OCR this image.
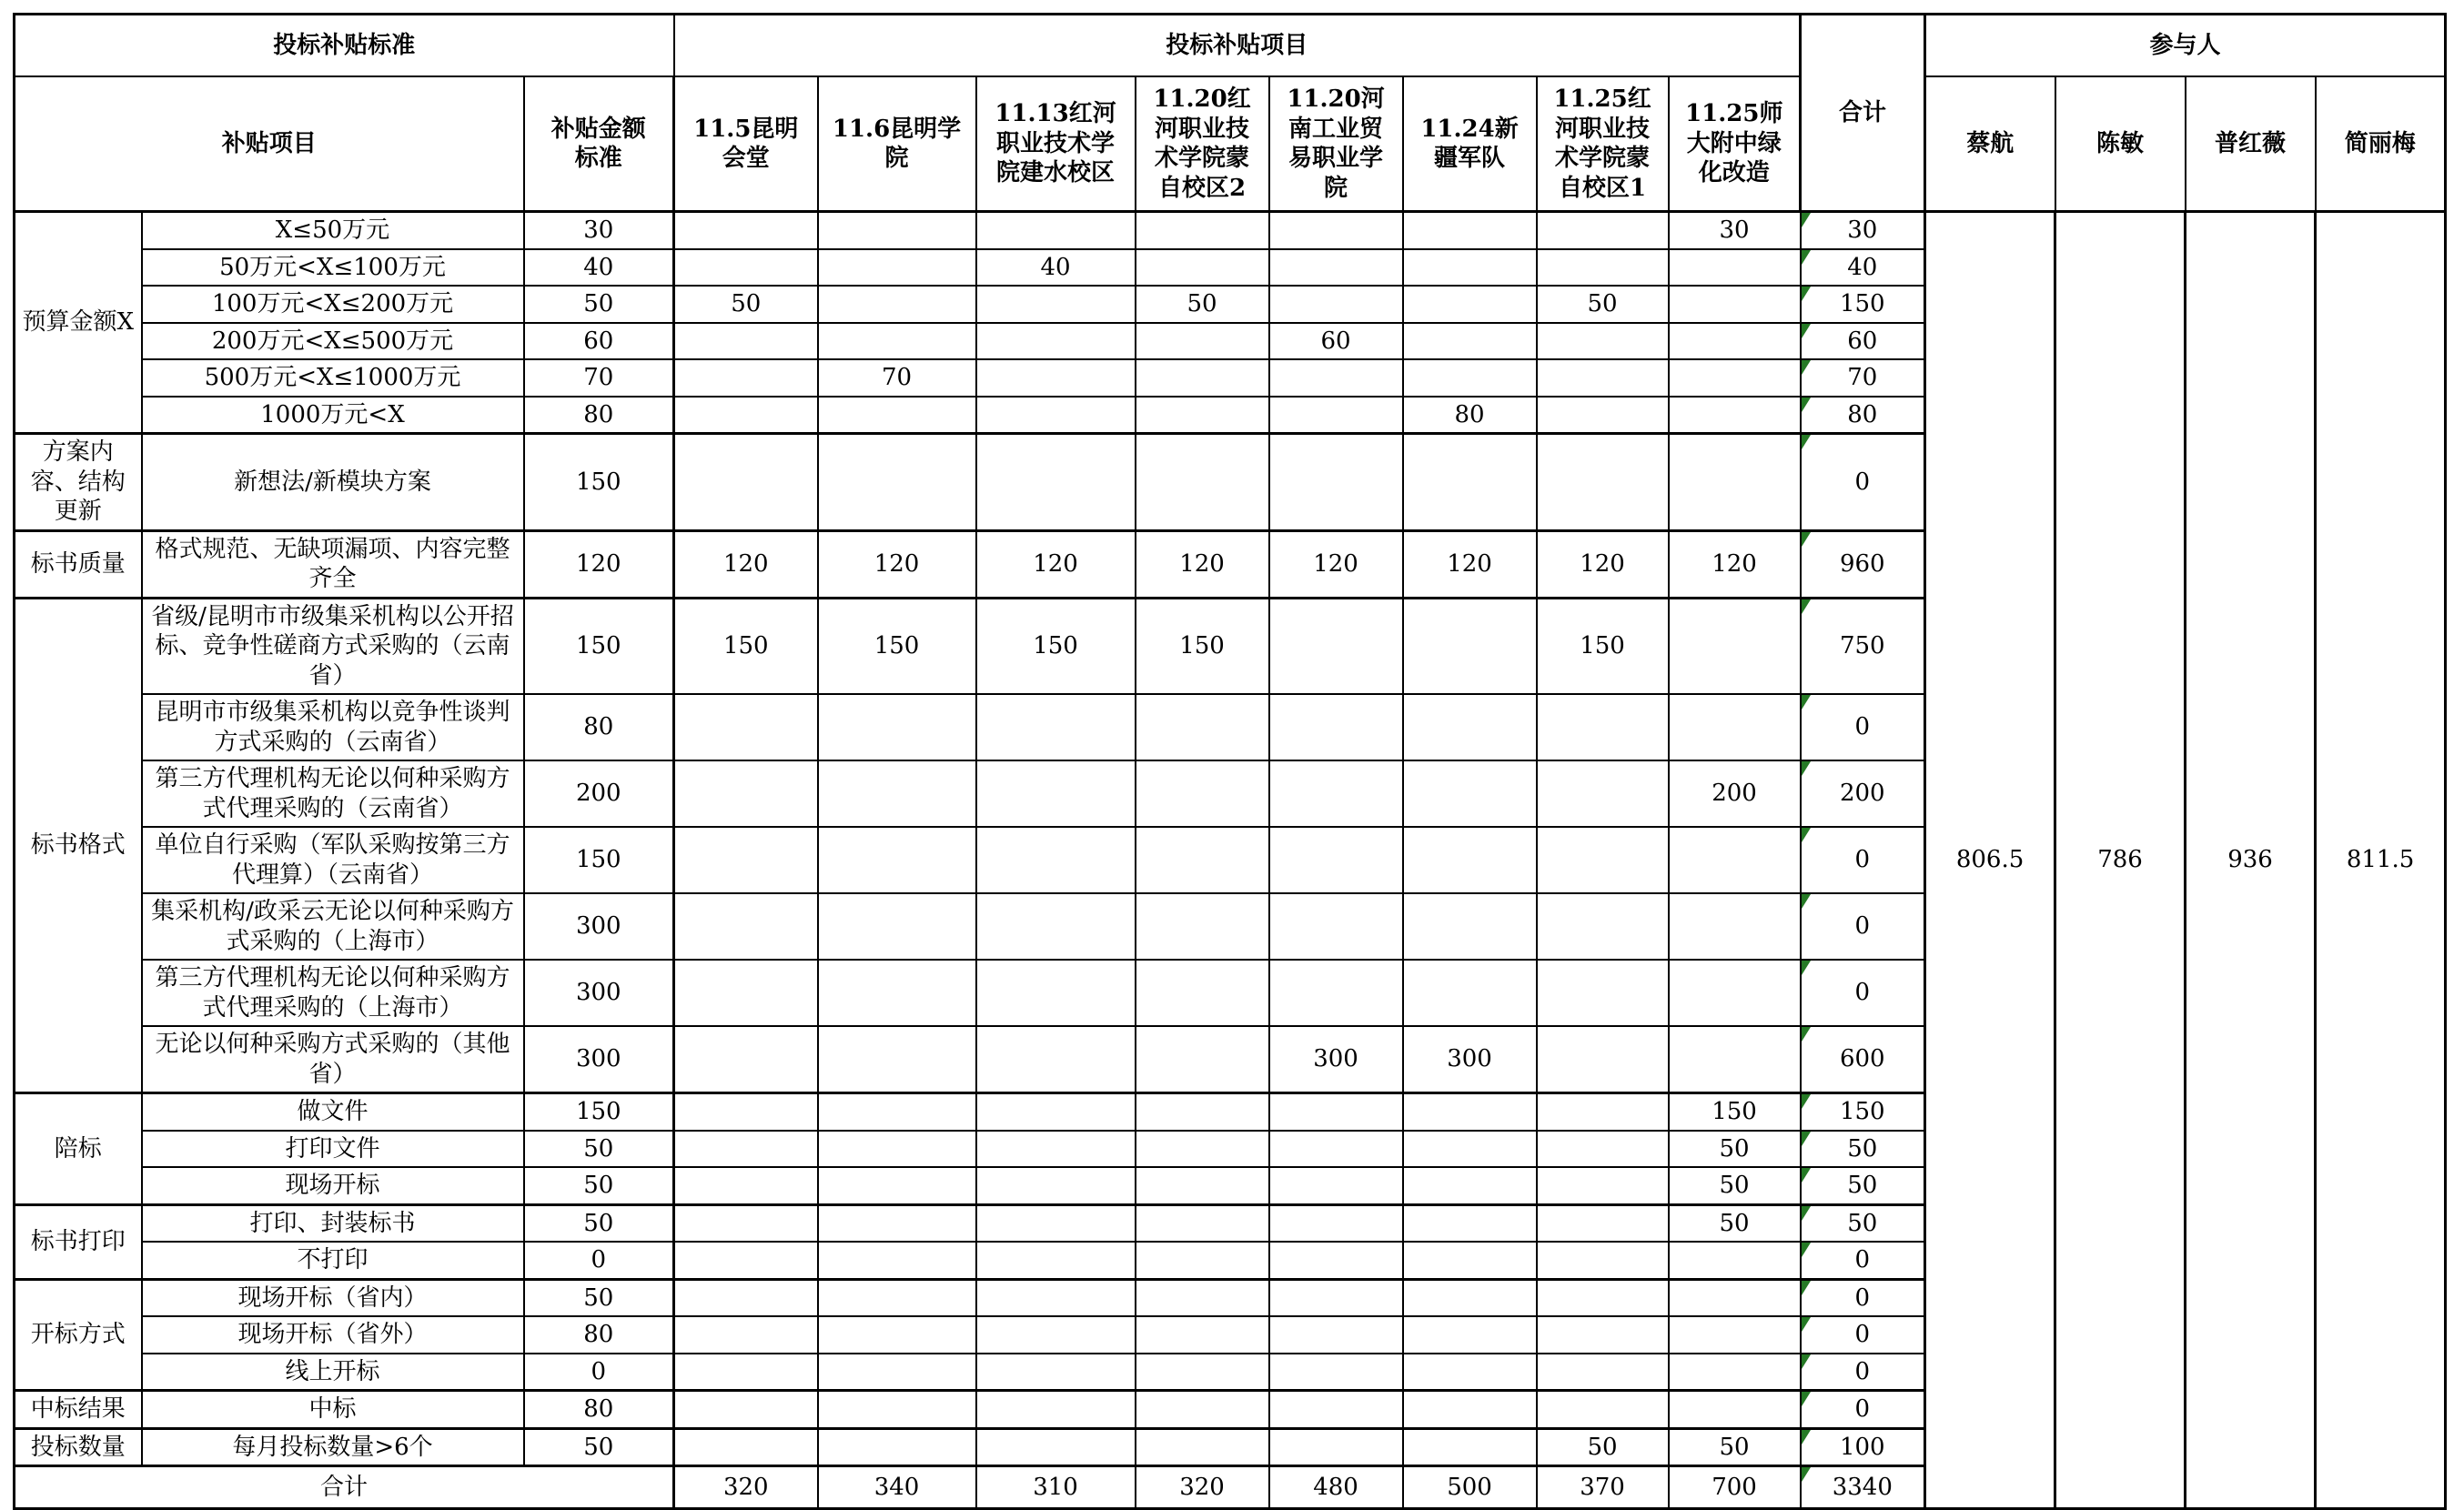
投标补贴标准			投标补贴项目								合计	参与人			
补贴项目		补贴金额标准	11.5昆明会堂	11.6昆明学院	11.13红河职业技术学院建水校区	11.20红河职业技术学院蒙自校区2	11.20河南工业贸易职业学院	11.24新疆军队	11.25红河职业技术学院蒙自校区1	11.25师大附中绿化改造		蔡航	陈敏	普红薇	简丽梅
预算金额X	X≤50万元	30								30	30	806.5	786	936	811.5
	50万元<X≤100万元	40			40						40				
	100万元<X≤200万元	50	50			50			50		150				
	200万元<X≤500万元	60					60				60				
	500万元<X≤1000万元	70		70							70				
	1000万元<X	80						80			80				
方案内容、结构更新	新想法/新模块方案	150									0				
标书质量	格式规范、无缺项漏项、内容完整齐全	120	120	120	120	120	120	120	120	120	960				
标书格式	省级/昆明市市级集采机构以公开招标、竞争性磋商方式采购的（云南省）	150	150	150	150	150			150		750				
	昆明市市级集采机构以竞争性谈判方式采购的（云南省）	80									0				
	第三方代理机构无论以何种采购方式代理采购的（云南省）	200								200	200				
	单位自行采购（军队采购按第三方代理算）（云南省）	150									0				
	集采机构/政采云无论以何种采购方式采购的（上海市）	300									0				
	第三方代理机构无论以何种采购方式代理采购的（上海市）	300									0				
	无论以何种采购方式采购的（其他省）	300					300	300			600				
陪标	做文件	150								150	150				
	打印文件	50								50	50				
	现场开标	50								50	50				
标书打印	打印、封装标书	50								50	50				
	不打印	0									0				
开标方式	现场开标（省内）	50									0				
	现场开标（省外）	80									0				
	线上开标	0									0				
中标结果	中标	80									0				
投标数量	每月投标数量>6个	50							50	50	100				
合计			320	340	310	320	480	500	370	700	3340				
